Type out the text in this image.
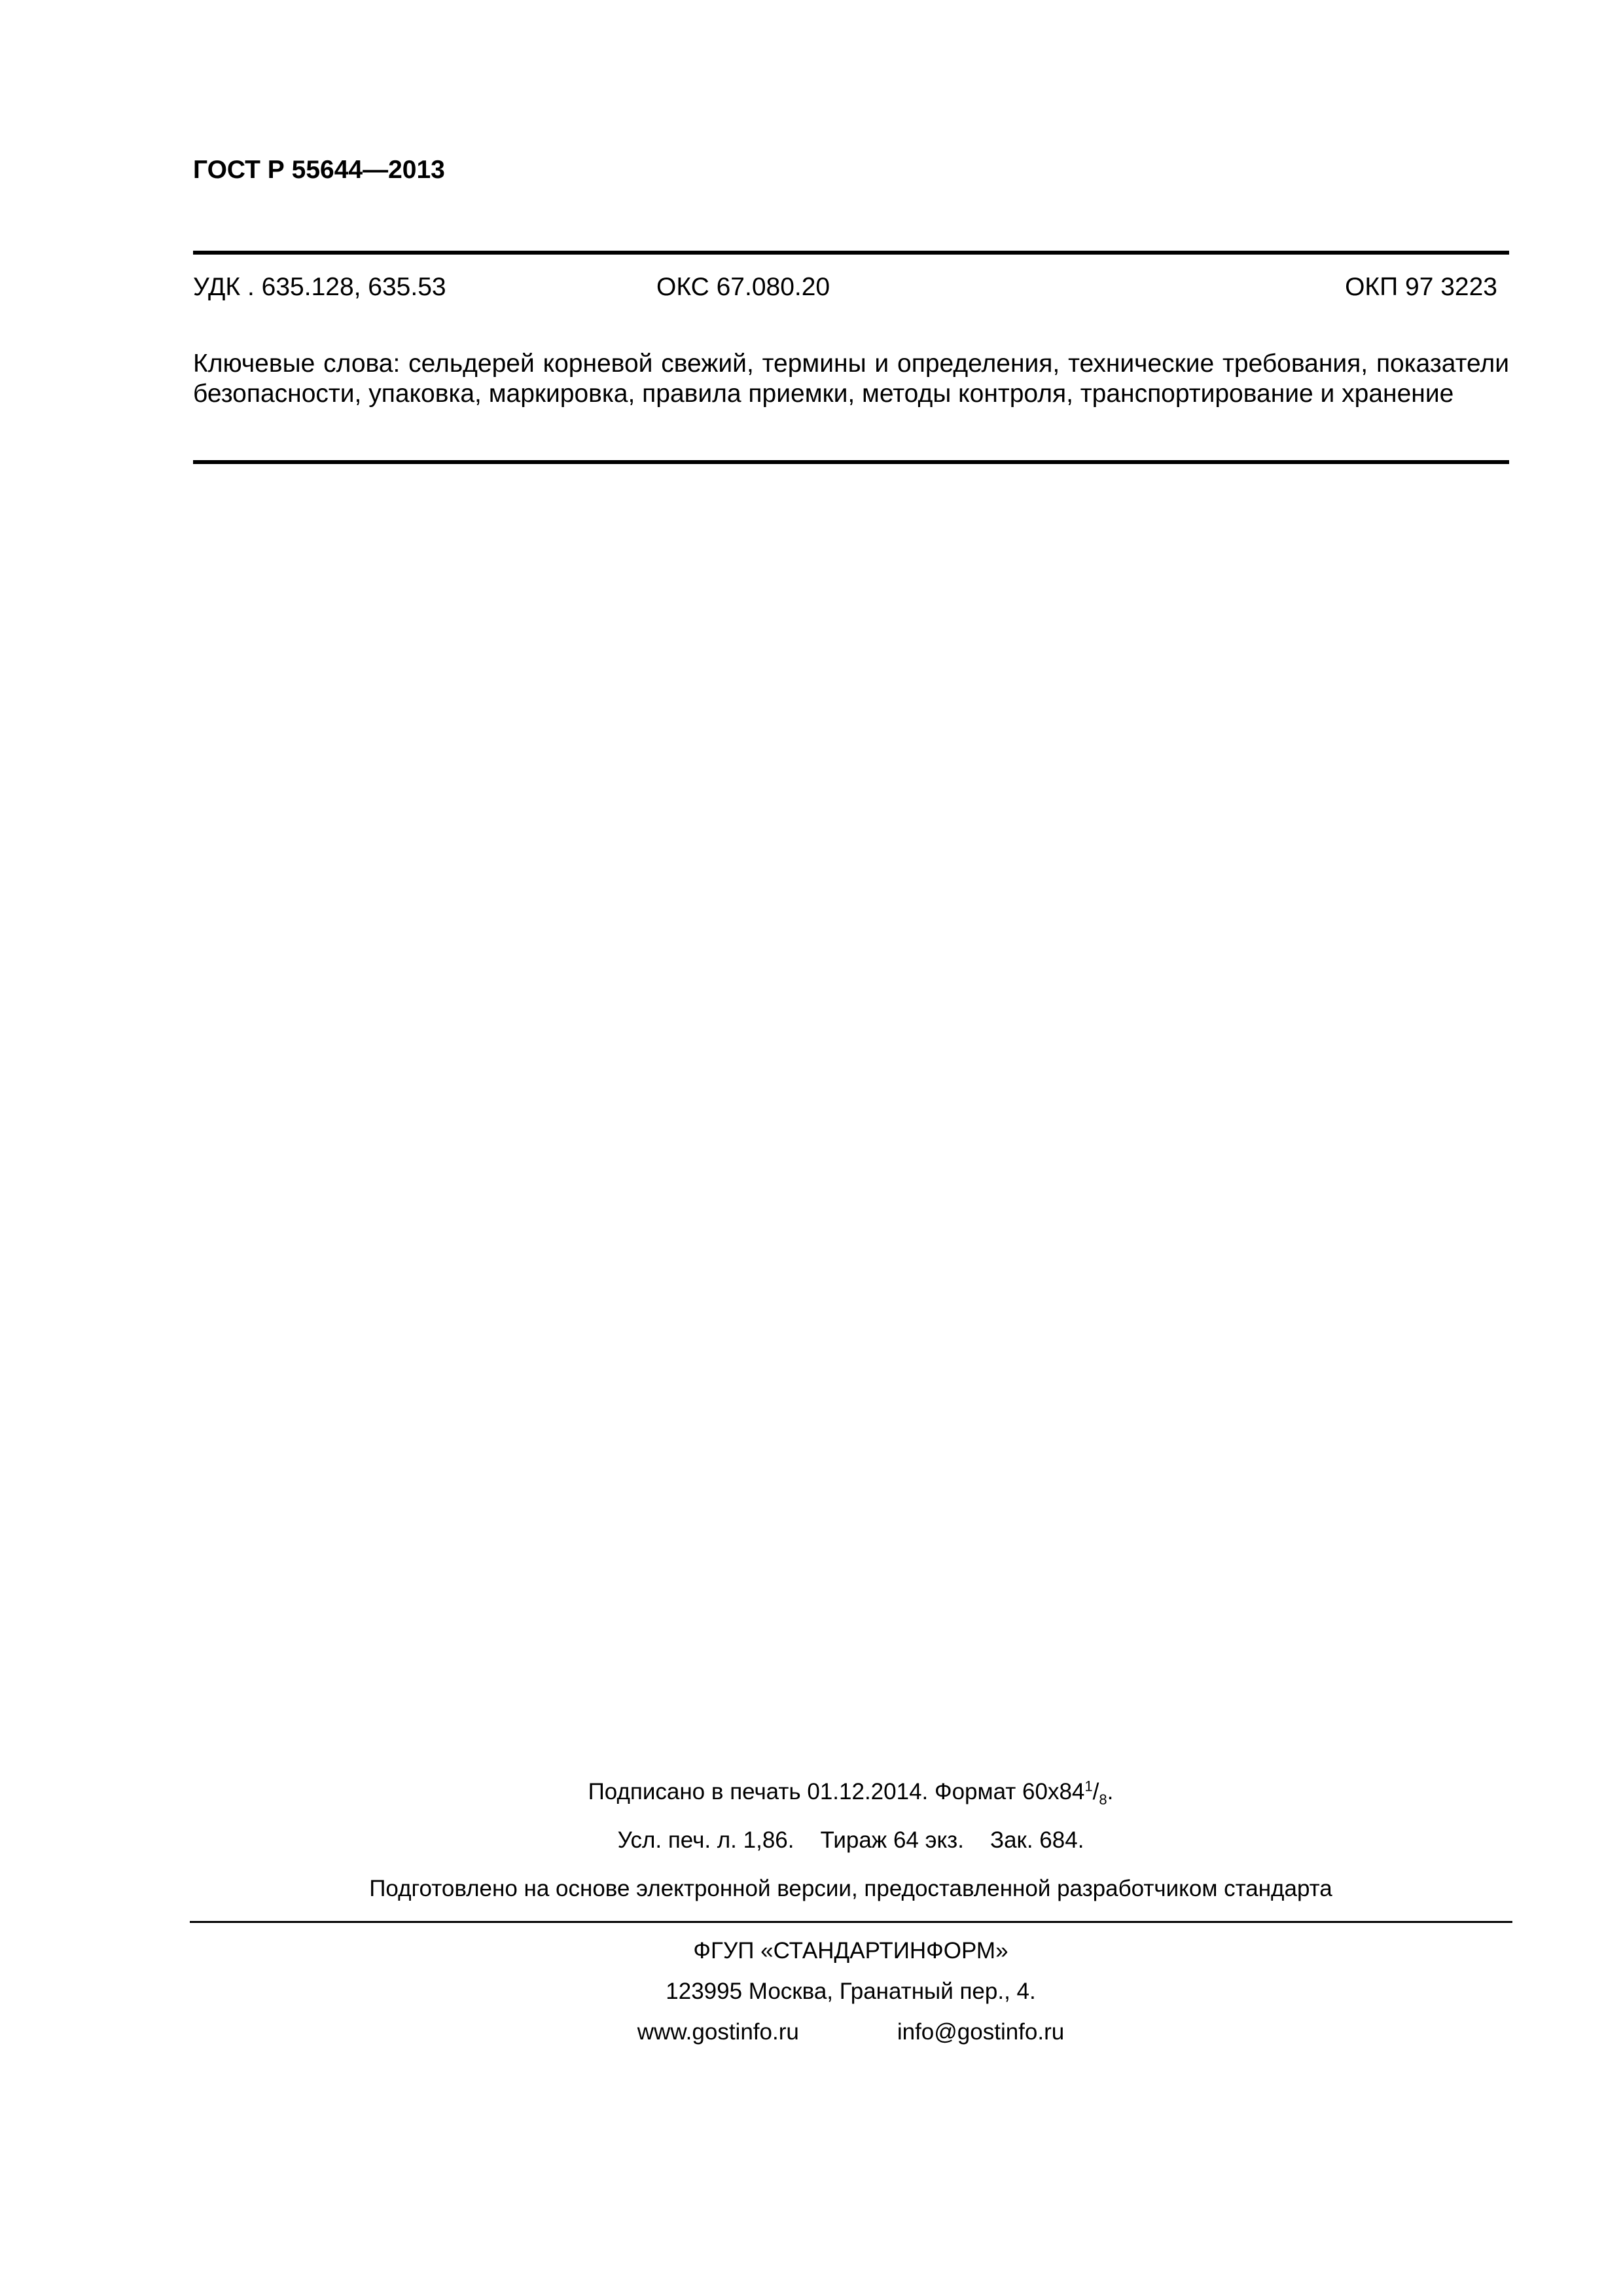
ГОСТ Р 55644—2013
УДК . 635.128, 635.53	ОКС 67.080.20	ОКП 97 3223
Ключевые слова: сельдерей корневой свежий, термины и определения, технические требования, показатели безопасности, упаковка, маркировка, правила приемки, методы контроля, транспортирование и хранение
Подписано в печать 01.12.2014. Формат $60х84^1/_8$.
Усл. печ. л. 1,86. Тираж 64 экз. Зак. 684.
Подготовлено на основе электронной версии, предоставленной разработчиком стандарта
ФГУП «СТАНДАРТИНФОРМ»
123995 Москва, Гранатный пер., 4.
www.gostinfo.ru	info@gostinfo.ru
